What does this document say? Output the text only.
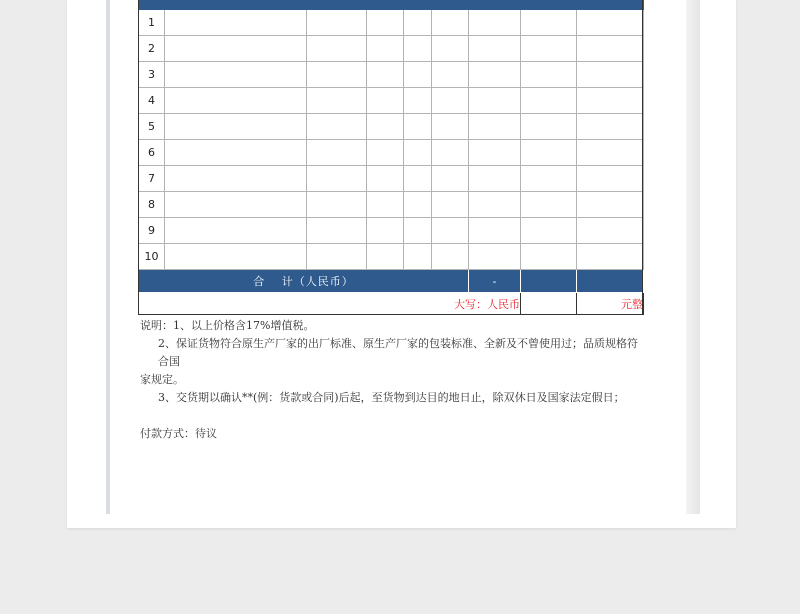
1								
2								
3								
4								
5								
6								
7								
8								
9								
10								
合　 计（人民币）						-		
大写：人民币								元整

说明：1、以上价格含17%增值税。

2、保证货物符合原生产厂家的出厂标准、原生产厂家的包装标准、全新及不曾使用过；品质规格符合国

家规定。

3、交货期以确认**(例：货款或合同)后起，至货物到达目的地日止，除双休日及国家法定假日；

付款方式：待议
